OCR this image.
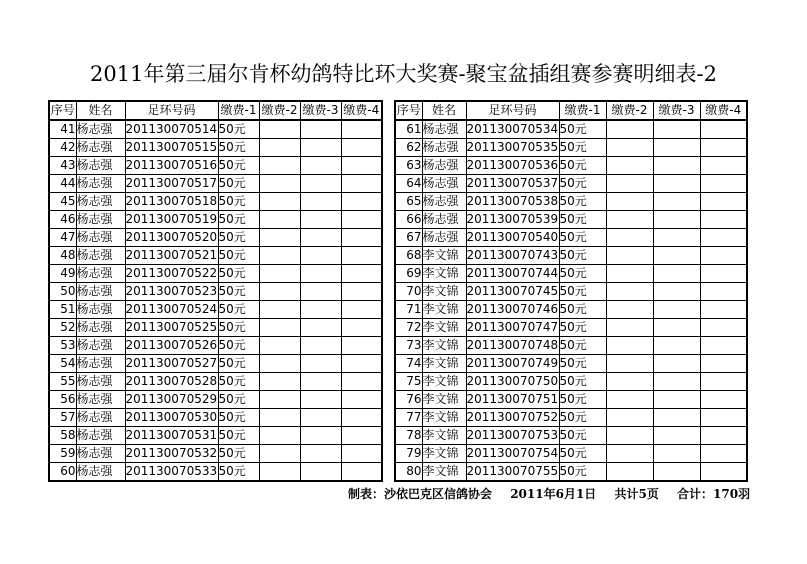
2011年第三届尔肯杯幼鸽特比环大奖赛-聚宝盆插组赛参赛明细表-2
序号	姓名	足环号码	缴费-1	缴费-2	缴费-3	缴费-4
41	杨志强	201130070514	50元			
42	杨志强	201130070515	50元			
43	杨志强	201130070516	50元			
44	杨志强	201130070517	50元			
45	杨志强	201130070518	50元			
46	杨志强	201130070519	50元			
47	杨志强	201130070520	50元			
48	杨志强	201130070521	50元			
49	杨志强	201130070522	50元			
50	杨志强	201130070523	50元			
51	杨志强	201130070524	50元			
52	杨志强	201130070525	50元			
53	杨志强	201130070526	50元			
54	杨志强	201130070527	50元			
55	杨志强	201130070528	50元			
56	杨志强	201130070529	50元			
57	杨志强	201130070530	50元			
58	杨志强	201130070531	50元			
59	杨志强	201130070532	50元			
60	杨志强	201130070533	50元			
序号	姓名	足环号码	缴费-1	缴费-2	缴费-3	缴费-4
61	杨志强	201130070534	50元			
62	杨志强	201130070535	50元			
63	杨志强	201130070536	50元			
64	杨志强	201130070537	50元			
65	杨志强	201130070538	50元			
66	杨志强	201130070539	50元			
67	杨志强	201130070540	50元			
68	李文锦	201130070743	50元			
69	李文锦	201130070744	50元			
70	李文锦	201130070745	50元			
71	李文锦	201130070746	50元			
72	李文锦	201130070747	50元			
73	李文锦	201130070748	50元			
74	李文锦	201130070749	50元			
75	李文锦	201130070750	50元			
76	李文锦	201130070751	50元			
77	李文锦	201130070752	50元			
78	李文锦	201130070753	50元			
79	李文锦	201130070754	50元			
80	李文锦	201130070755	50元			
制表：沙依巴克区信鸽协会 2011年6月1日 共计5页 合计：170羽
